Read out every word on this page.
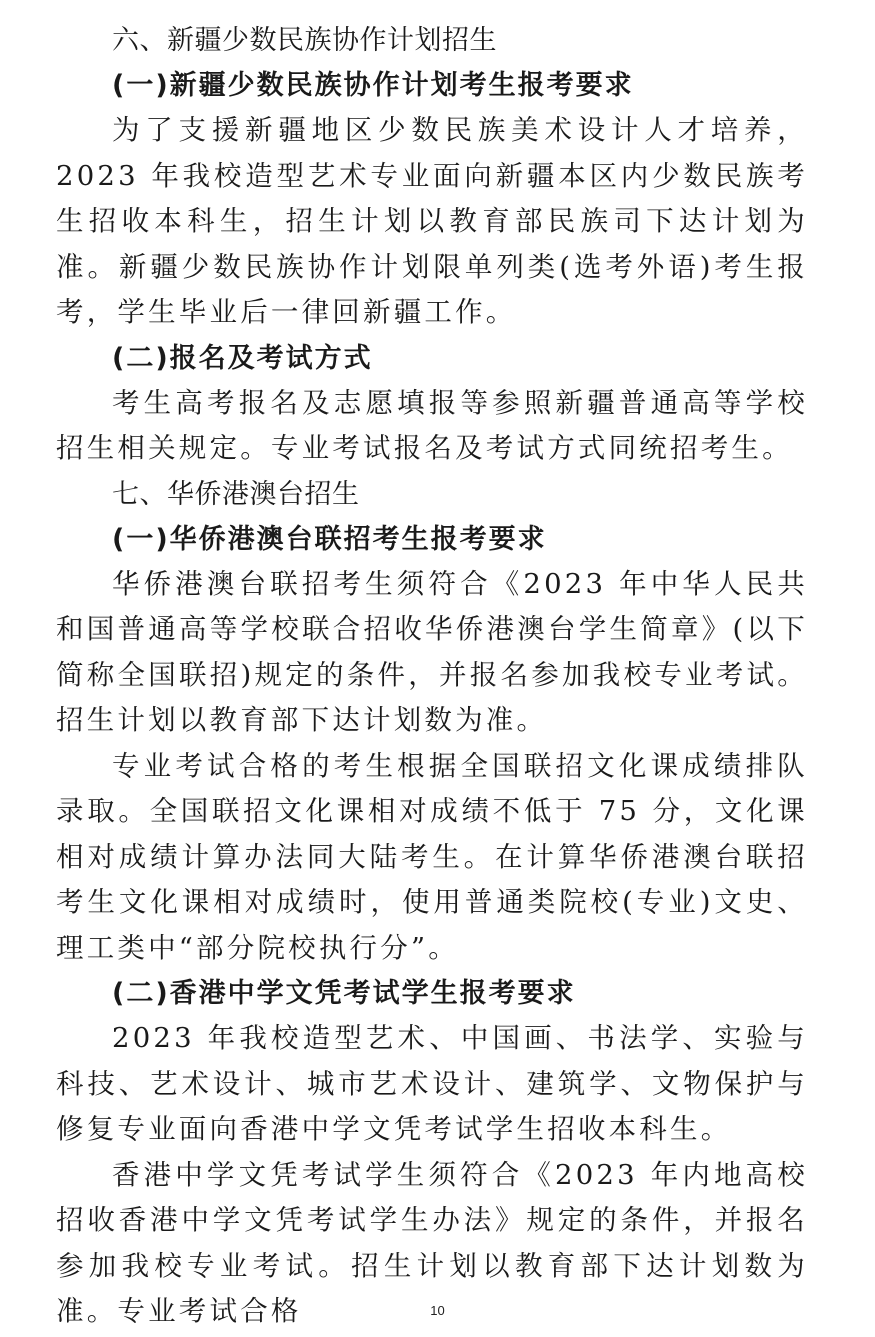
六、新疆少数民族协作计划招生

(一)新疆少数民族协作计划考生报考要求

为了支援新疆地区少数民族美术设计人才培养，2023 年我校造型艺术专业面向新疆本区内少数民族考生招收本科生，招生计划以教育部民族司下达计划为准。新疆少数民族协作计划限单列类(选考外语)考生报考，学生毕业后一律回新疆工作。

(二)报名及考试方式

考生高考报名及志愿填报等参照新疆普通高等学校招生相关规定。专业考试报名及考试方式同统招考生。

七、华侨港澳台招生

(一)华侨港澳台联招考生报考要求

华侨港澳台联招考生须符合《2023 年中华人民共和国普通高等学校联合招收华侨港澳台学生简章》(以下简称全国联招)规定的条件，并报名参加我校专业考试。招生计划以教育部下达计划数为准。

专业考试合格的考生根据全国联招文化课成绩排队录取。全国联招文化课相对成绩不低于 75 分，文化课相对成绩计算办法同大陆考生。在计算华侨港澳台联招考生文化课相对成绩时，使用普通类院校(专业)文史、理工类中“部分院校执行分”。

(二)香港中学文凭考试学生报考要求

2023 年我校造型艺术、中国画、书法学、实验与科技、艺术设计、城市艺术设计、建筑学、文物保护与修复专业面向香港中学文凭考试学生招收本科生。

香港中学文凭考试学生须符合《2023 年内地高校招收香港中学文凭考试学生办法》规定的条件，并报名参加我校专业考试。招生计划以教育部下达计划数为准。专业考试合格	10
